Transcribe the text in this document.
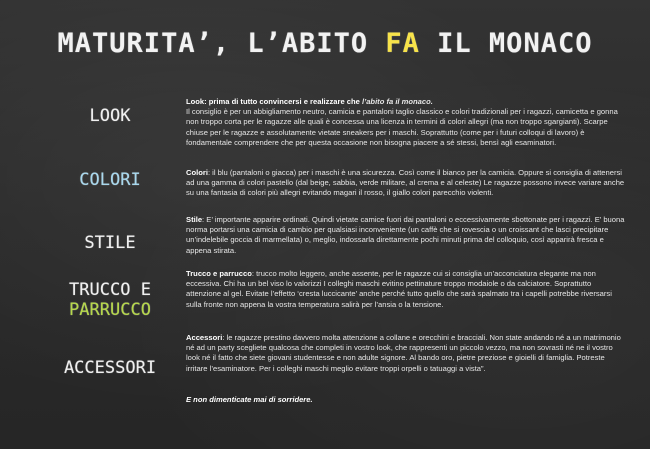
MATURITA’, L’ABITO FA IL MONACO
LOOK
Look: prima di tutto convincersi e realizzare che l’abito fa il monaco.
Il consiglio è per un abbigliamento neutro, camicia e pantaloni taglio classico e colori tradizionali per i ragazzi, camicetta e gonna non troppo corta per le ragazze alle quali è concessa una licenza in termini di colori allegri (ma non troppo sgargianti). Scarpe chiuse per le ragazze e assolutamente vietate sneakers per i maschi. Soprattutto (come per i futuri colloqui di lavoro) è fondamentale comprendere che per questa occasione non bisogna piacere a sé stessi, bensì agli esaminatori.
COLORI	Colori: il blu (pantaloni o giacca) per i maschi è una sicurezza. Così come il bianco per la camicia. Oppure si consiglia di attenersi ad una gamma di colori pastello (dal beige, sabbia, verde militare, al crema e al celeste) Le ragazze possono invece variare anche su una fantasia di colori più allegri evitando magari il rosso, il giallo colori parecchio violenti.
STILE
Stile: E’ importante apparire ordinati. Quindi vietate camice fuori dai pantaloni o eccessivamente sbottonate per i ragazzi. E’ buona norma portarsi una camicia di cambio per qualsiasi inconveniente (un caffè che si rovescia o un croissant che lasci precipitare un’indelebile goccia di marmellata) o, meglio, indossarla direttamente pochi minuti prima del colloquio, così apparirà fresca e appena stirata.
TRUCCO E
PARRUCCO
Trucco e parrucco: trucco molto leggero, anche assente, per le ragazze cui si consiglia un’acconciatura elegante ma non eccessiva. Chi ha un bel viso lo valorizzi I colleghi maschi evitino pettinature troppo modaiole o da calciatore. Soprattutto attenzione al gel. Evitate l’effetto ‘cresta luccicante’ anche perché tutto quello che sarà spalmato tra i capelli potrebbe riversarsi sulla fronte non appena la vostra temperatura salirà per l’ansia o la tensione.
ACCESSORI
Accessori: le ragazze prestino davvero molta attenzione a collane e orecchini e bracciali. Non state andando né a un matrimonio né ad un party scegliete qualcosa che completi in vostro look, che rappresenti un piccolo vezzo, ma non sovrasti né ne il vostro look né il fatto che siete giovani studentesse e non adulte signore. Al bando oro, pietre preziose e gioielli di famiglia. Potreste irritare l’esaminatore. Per i colleghi maschi meglio evitare troppi orpelli o tatuaggi a vista”.
E non dimenticate mai di sorridere.
